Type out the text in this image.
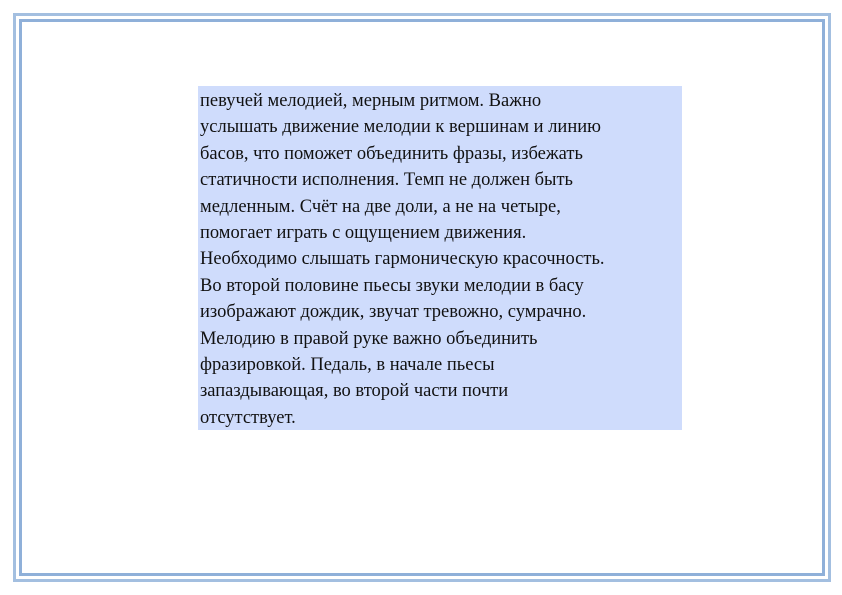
певучей мелодией, мерным ритмом. Важно
услышать движение мелодии к вершинам и линию
басов, что поможет объединить фразы, избежать
статичности исполнения. Темп не должен быть
медленным. Счёт на две доли, а не на четыре,
помогает играть с ощущением движения.
Необходимо слышать гармоническую красочность.
Во второй половине пьесы звуки мелодии в басу
изображают дождик, звучат тревожно, сумрачно.
Мелодию в правой руке важно объединить
фразировкой. Педаль, в начале пьесы
запаздывающая, во второй части почти
отсутствует.
